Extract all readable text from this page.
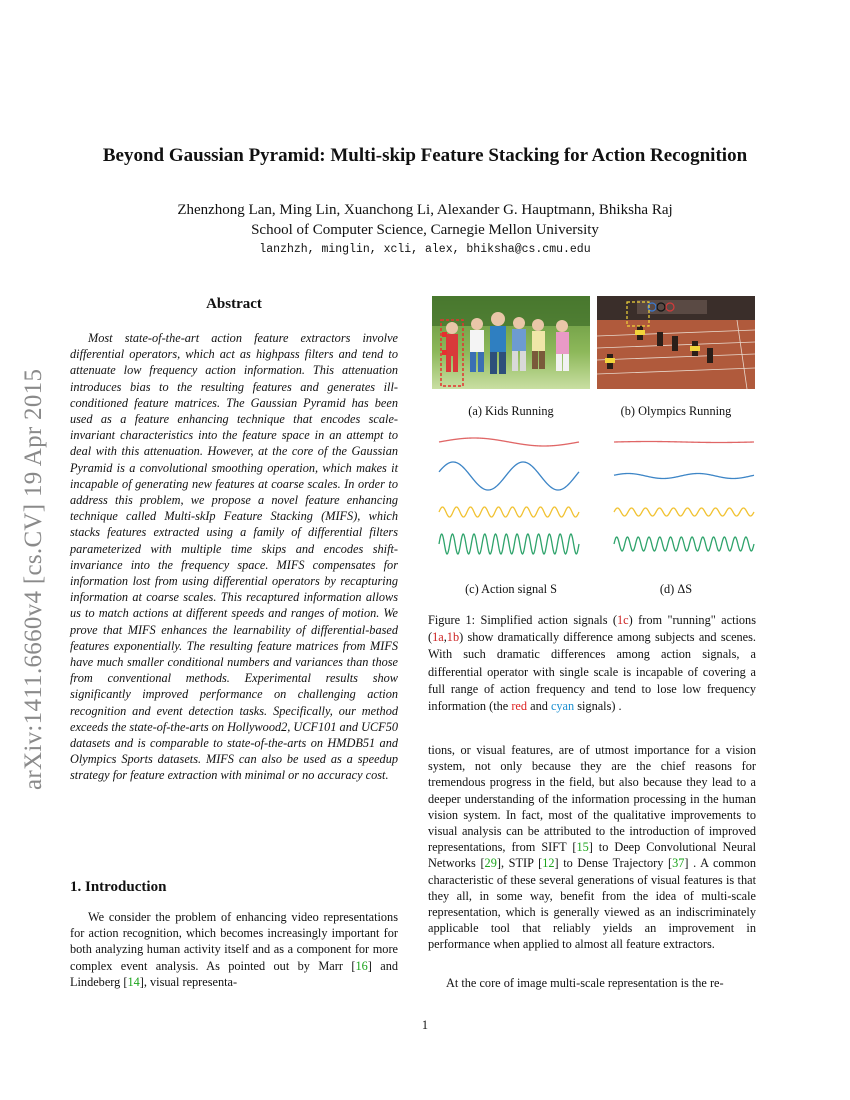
arXiv:1411.6660v4 [cs.CV] 19 Apr 2015
Beyond Gaussian Pyramid: Multi-skip Feature Stacking for Action Recognition
Zhenzhong Lan, Ming Lin, Xuanchong Li, Alexander G. Hauptmann, Bhiksha Raj
School of Computer Science, Carnegie Mellon University
lanzhzh, minglin, xcli, alex, bhiksha@cs.cmu.edu
Abstract

Most state-of-the-art action feature extractors involve differential operators, which act as highpass filters and tend to attenuate low frequency action information. This attenuation introduces bias to the resulting features and generates ill-conditioned feature matrices. The Gaussian Pyramid has been used as a feature enhancing technique that encodes scale-invariant characteristics into the feature space in an attempt to deal with this attenuation. However, at the core of the Gaussian Pyramid is a convolutional smoothing operation, which makes it incapable of generating new features at coarse scales. In order to address this problem, we propose a novel feature enhancing technique called Multi-skIp Feature Stacking (MIFS), which stacks features extracted using a family of differential filters parameterized with multiple time skips and encodes shift-invariance into the frequency space. MIFS compensates for information lost from using differential operators by recapturing information at coarse scales. This recaptured information allows us to match actions at different speeds and ranges of motion. We prove that MIFS enhances the learnability of differential-based features exponentially. The resulting feature matrices from MIFS have much smaller conditional numbers and variances than those from conventional methods. Experimental results show significantly improved performance on challenging action recognition and event detection tasks. Specifically, our method exceeds the state-of-the-arts on Hollywood2, UCF101 and UCF50 datasets and is comparable to state-of-the-arts on HMDB51 and Olympics Sports datasets. MIFS can also be used as a speedup strategy for feature extraction with minimal or no accuracy cost.

1. Introduction

We consider the problem of enhancing video representations for action recognition, which becomes increasingly important for both analyzing human activity itself and as a component for more complex event analysis. As pointed out by Marr [16] and Lindeberg [14], visual representa-

(a) Kids Running	(b) Olympics Running
(c) Action signal S	(d) ΔS

Figure 1: Simplified action signals (1c) from "running" actions (1a,1b) show dramatically difference among subjects and scenes. With such dramatic differences among action signals, a differential operator with single scale is incapable of covering a full range of action frequency and tend to lose low frequency information (the red and cyan signals) .

tions, or visual features, are of utmost importance for a vision system, not only because they are the chief reasons for tremendous progress in the field, but also because they lead to a deeper understanding of the information processing in the human vision system. In fact, most of the qualitative improvements to visual analysis can be attributed to the introduction of improved representations, from SIFT [15] to Deep Convolutional Neural Networks [29], STIP [12] to Dense Trajectory [37] . A common characteristic of these several generations of visual features is that they all, in some way, benefit from the idea of multi-scale representation, which is generally viewed as an indiscriminately applicable tool that reliably yields an improvement in performance when applied to almost all feature extractors.

At the core of image multi-scale representation is the re-

1
